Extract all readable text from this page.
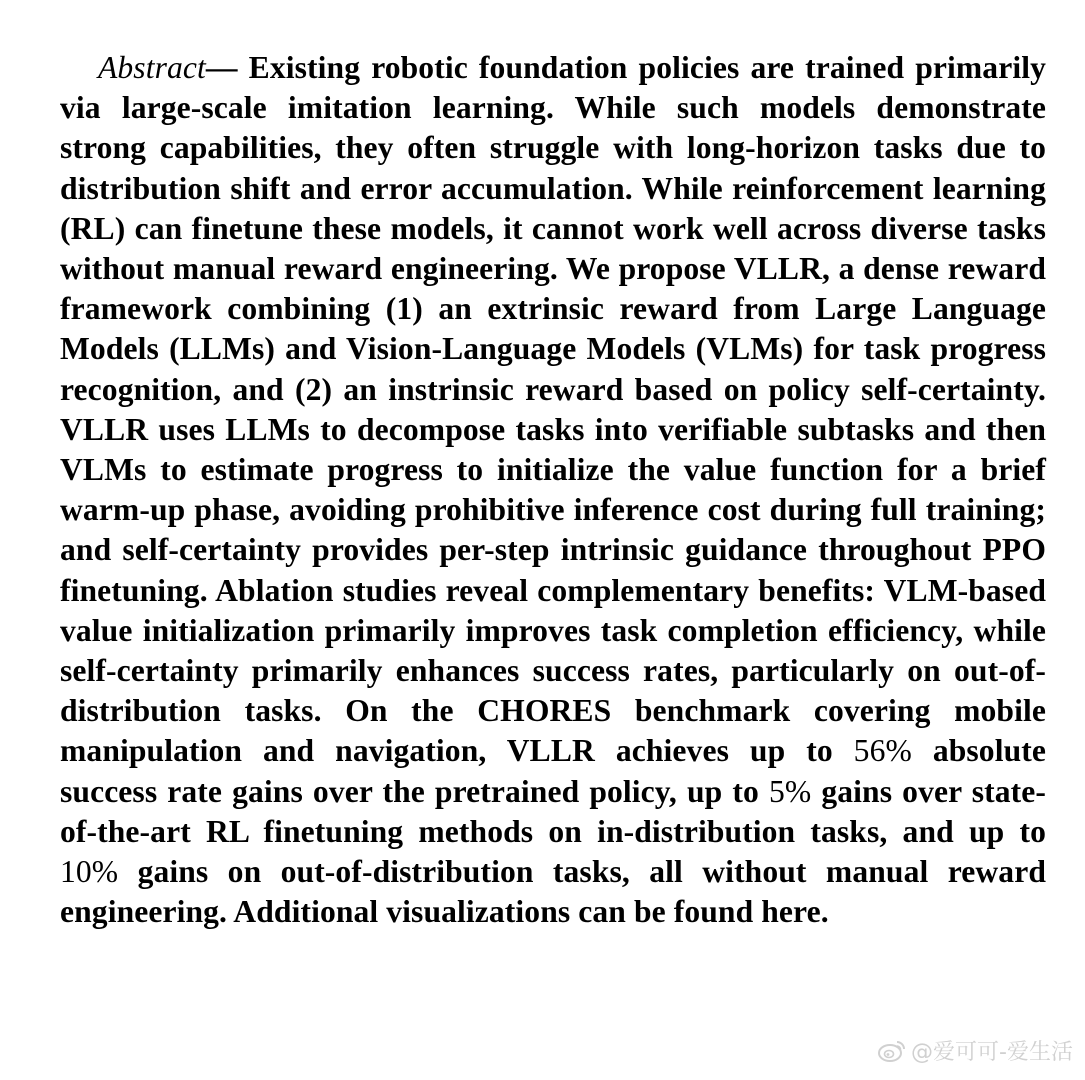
Abstract— Existing robotic foundation policies are trained primarily via large-scale imitation learning. While such models demonstrate strong capabilities, they often struggle with long-horizon tasks due to distribution shift and error accumulation. While reinforcement learning (RL) can finetune these models, it cannot work well across diverse tasks without manual reward engineering. We propose VLLR, a dense reward framework combining (1) an extrinsic reward from Large Language Models (LLMs) and Vision-Language Models (VLMs) for task progress recognition, and (2) an instrinsic reward based on policy self-certainty. VLLR uses LLMs to decompose tasks into verifiable subtasks and then VLMs to estimate progress to initialize the value function for a brief warm-up phase, avoiding prohibitive inference cost during full training; and self-certainty provides per-step intrinsic guidance throughout PPO finetuning. Ablation studies reveal complementary benefits: VLM-based value initialization primarily improves task completion efficiency, while self-certainty primarily enhances success rates, particularly on out-of-distribution tasks. On the CHORES benchmark covering mobile manipulation and navigation, VLLR achieves up to 56% absolute success rate gains over the pretrained policy, up to 5% gains over state-of-the-art RL finetuning methods on in-distribution tasks, and up to 10% gains on out-of-distribution tasks, all without manual reward engineering. Additional visualizations can be found here.

@爱可可-爱生活
